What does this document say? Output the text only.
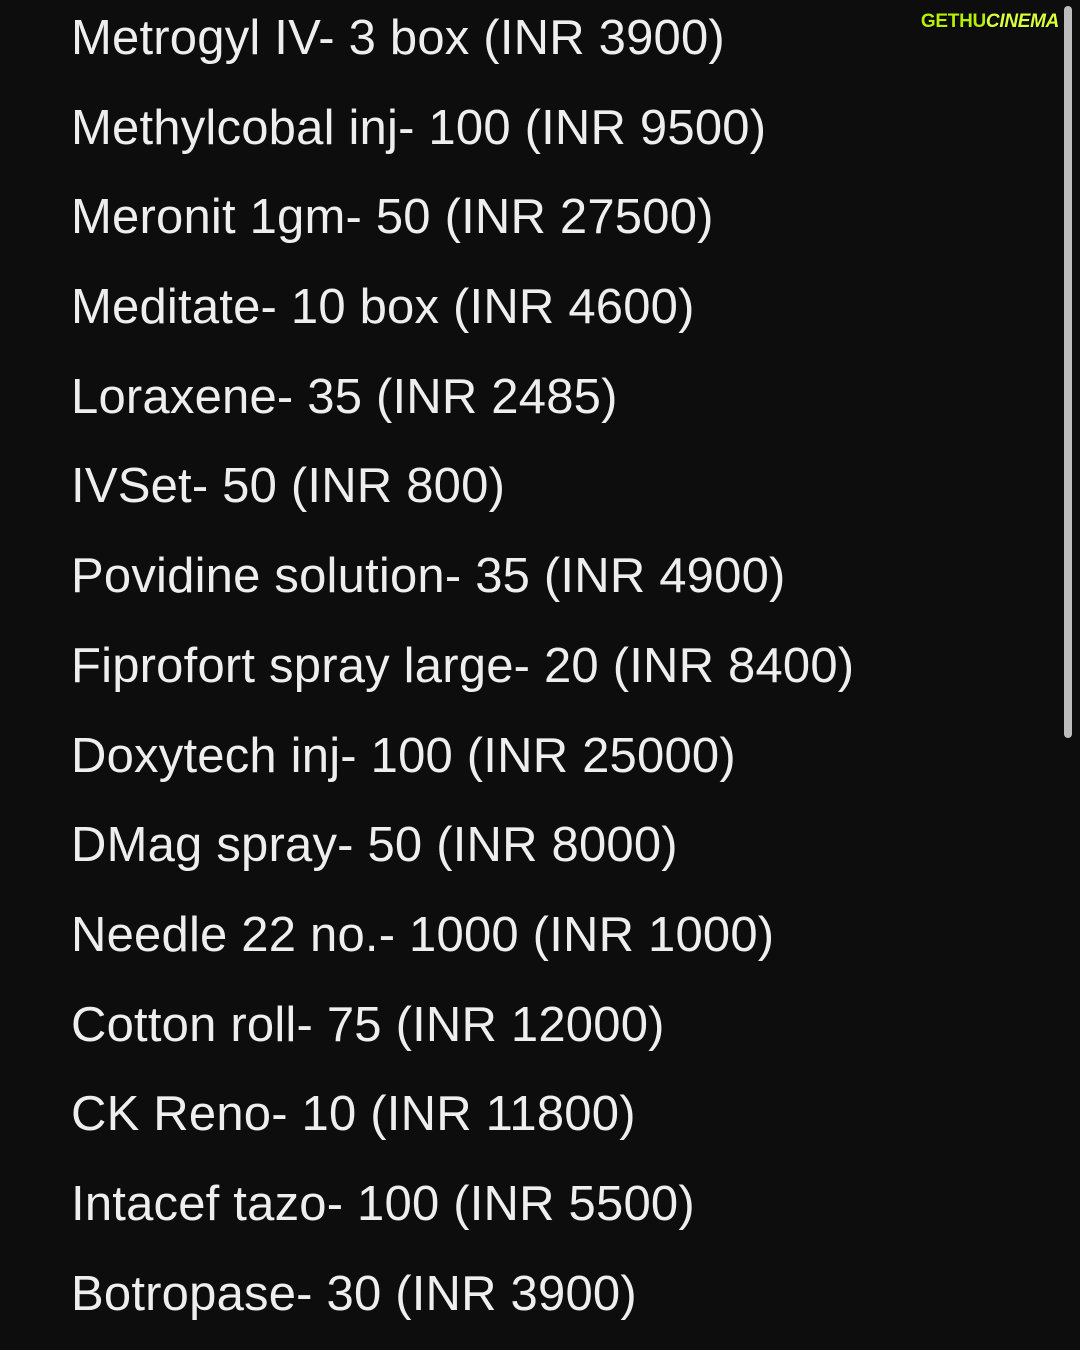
Metrogyl IV- 3 box (INR 3900)
Methylcobal inj- 100 (INR 9500)
Meronit 1gm- 50 (INR 27500)
Meditate- 10 box (INR 4600)
Loraxene- 35 (INR 2485)
IVSet- 50 (INR 800)
Povidine solution- 35 (INR 4900)
Fiprofort spray large- 20 (INR 8400)
Doxytech inj- 100 (INR 25000)
DMag spray- 50 (INR 8000)
Needle 22 no.- 1000 (INR 1000)
Cotton roll- 75 (INR 12000)
CK Reno- 10 (INR 11800)
Intacef tazo- 100 (INR 5500)
Botropase- 30 (INR 3900)
GETHU CINEMA
